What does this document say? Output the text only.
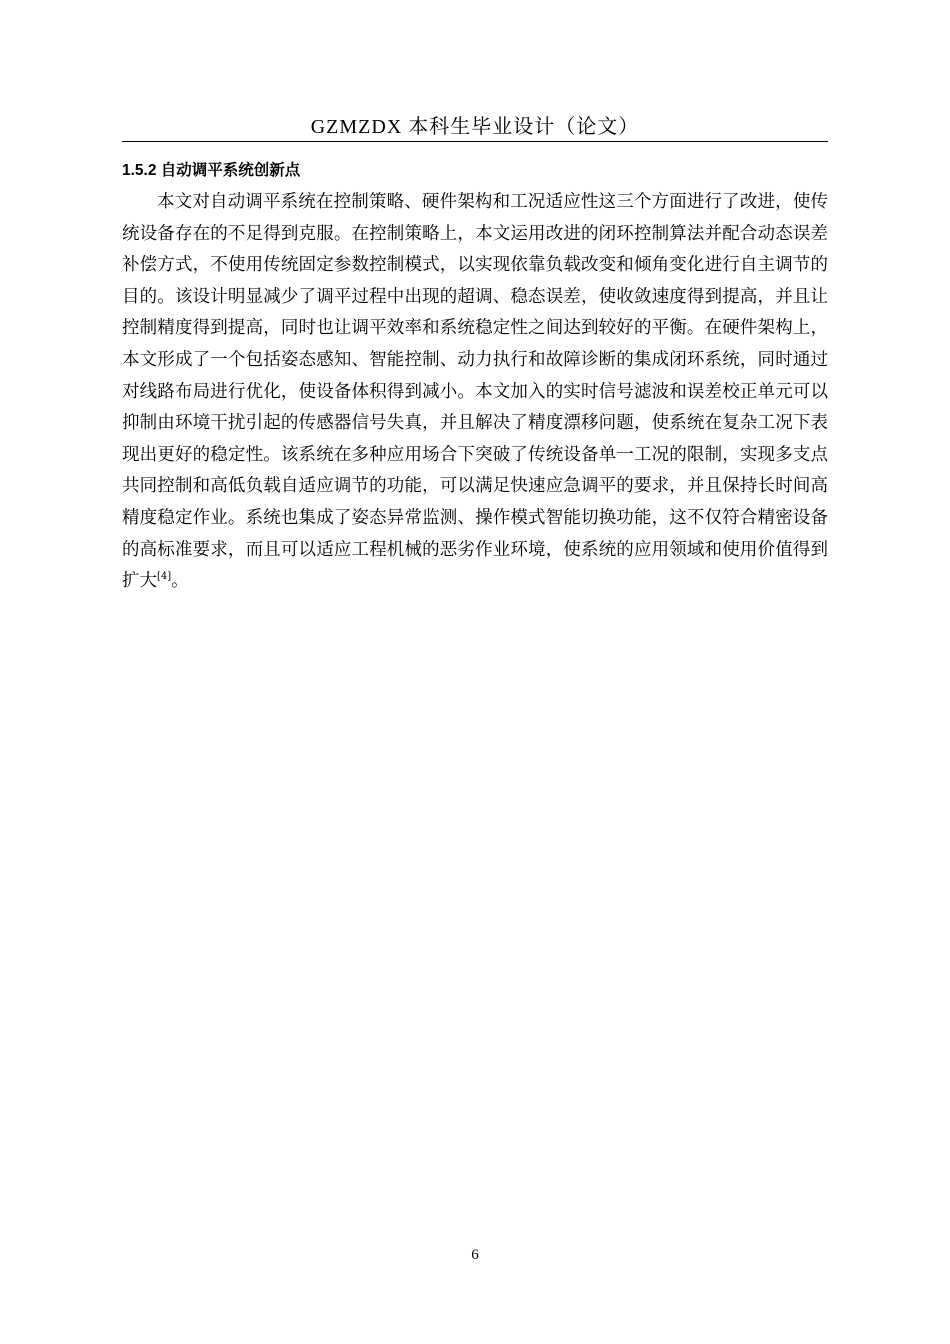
GZMZDX 本科生毕业设计（论文）
1.5.2 自动调平系统创新点

本文对自动调平系统在控制策略、硬件架构和工况适应性这三个方面进行了改进，使传统设备存在的不足得到克服。在控制策略上，本文运用改进的闭环控制算法并配合动态误差补偿方式，不使用传统固定参数控制模式，以实现依靠负载改变和倾角变化进行自主调节的目的。该设计明显减少了调平过程中出现的超调、稳态误差，使收敛速度得到提高，并且让控制精度得到提高，同时也让调平效率和系统稳定性之间达到较好的平衡。在硬件架构上，本文形成了一个包括姿态感知、智能控制、动力执行和故障诊断的集成闭环系统，同时通过对线路布局进行优化，使设备体积得到减小。本文加入的实时信号滤波和误差校正单元可以抑制由环境干扰引起的传感器信号失真，并且解决了精度漂移问题，使系统在复杂工况下表现出更好的稳定性。该系统在多种应用场合下突破了传统设备单一工况的限制，实现多支点共同控制和高低负载自适应调节的功能，可以满足快速应急调平的要求，并且保持长时间高精度稳定作业。系统也集成了姿态异常监测、操作模式智能切换功能，这不仅符合精密设备的高标准要求，而且可以适应工程机械的恶劣作业环境，使系统的应用领域和使用价值得到扩大[4]。

6
